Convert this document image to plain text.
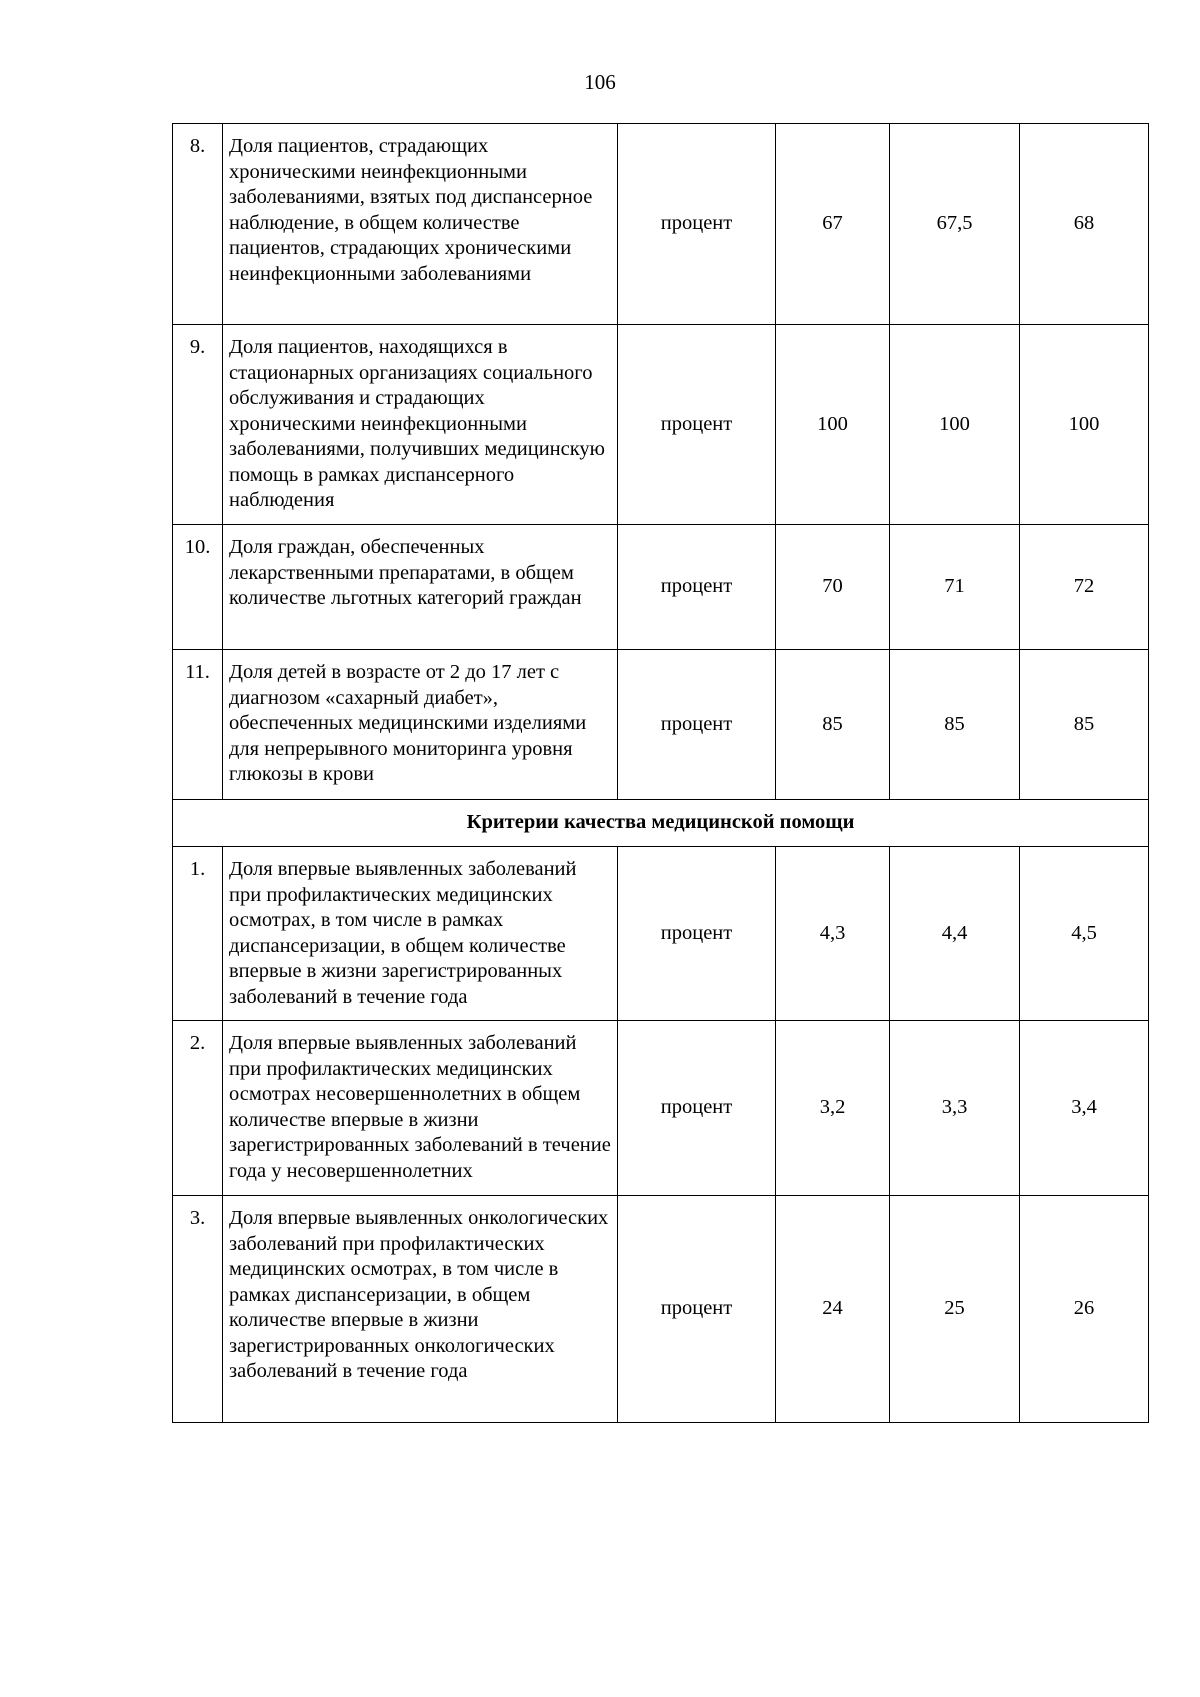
106
8.	Доля пациентов, страдающих хроническими неинфекционными заболеваниями, взятых под диспансерное наблюдение, в общем количестве пациентов, страдающих хроническими неинфекционными заболеваниями	процент	67	67,5	68
9.	Доля пациентов, находящихся в стационарных организациях социального обслуживания и страдающих хроническими неинфекционными заболеваниями, получивших медицинскую помощь в рамках диспансерного наблюдения	процент	100	100	100
10.	Доля граждан, обеспеченных лекарственными препаратами, в общем количестве льготных категорий граждан	процент	70	71	72
11.	Доля детей в возрасте от 2 до 17 лет с диагнозом «сахарный диабет», обеспеченных медицинскими изделиями для непрерывного мониторинга уровня глюкозы в крови	процент	85	85	85
Критерии качества медицинской помощи					
1.	Доля впервые выявленных заболеваний при профилактических медицинских осмотрах, в том числе в рамках диспансеризации, в общем количестве впервые в жизни зарегистрированных заболеваний в течение года	процент	4,3	4,4	4,5
2.	Доля впервые выявленных заболеваний при профилактических медицинских осмотрах несовершеннолетних в общем количестве впервые в жизни зарегистрированных заболеваний в течение года у несовершеннолетних	процент	3,2	3,3	3,4
3.	Доля впервые выявленных онкологических заболеваний при профилактических медицинских осмотрах, в том числе в рамках диспансеризации, в общем количестве впервые в жизни зарегистрированных онкологических заболеваний в течение года	процент	24	25	26
